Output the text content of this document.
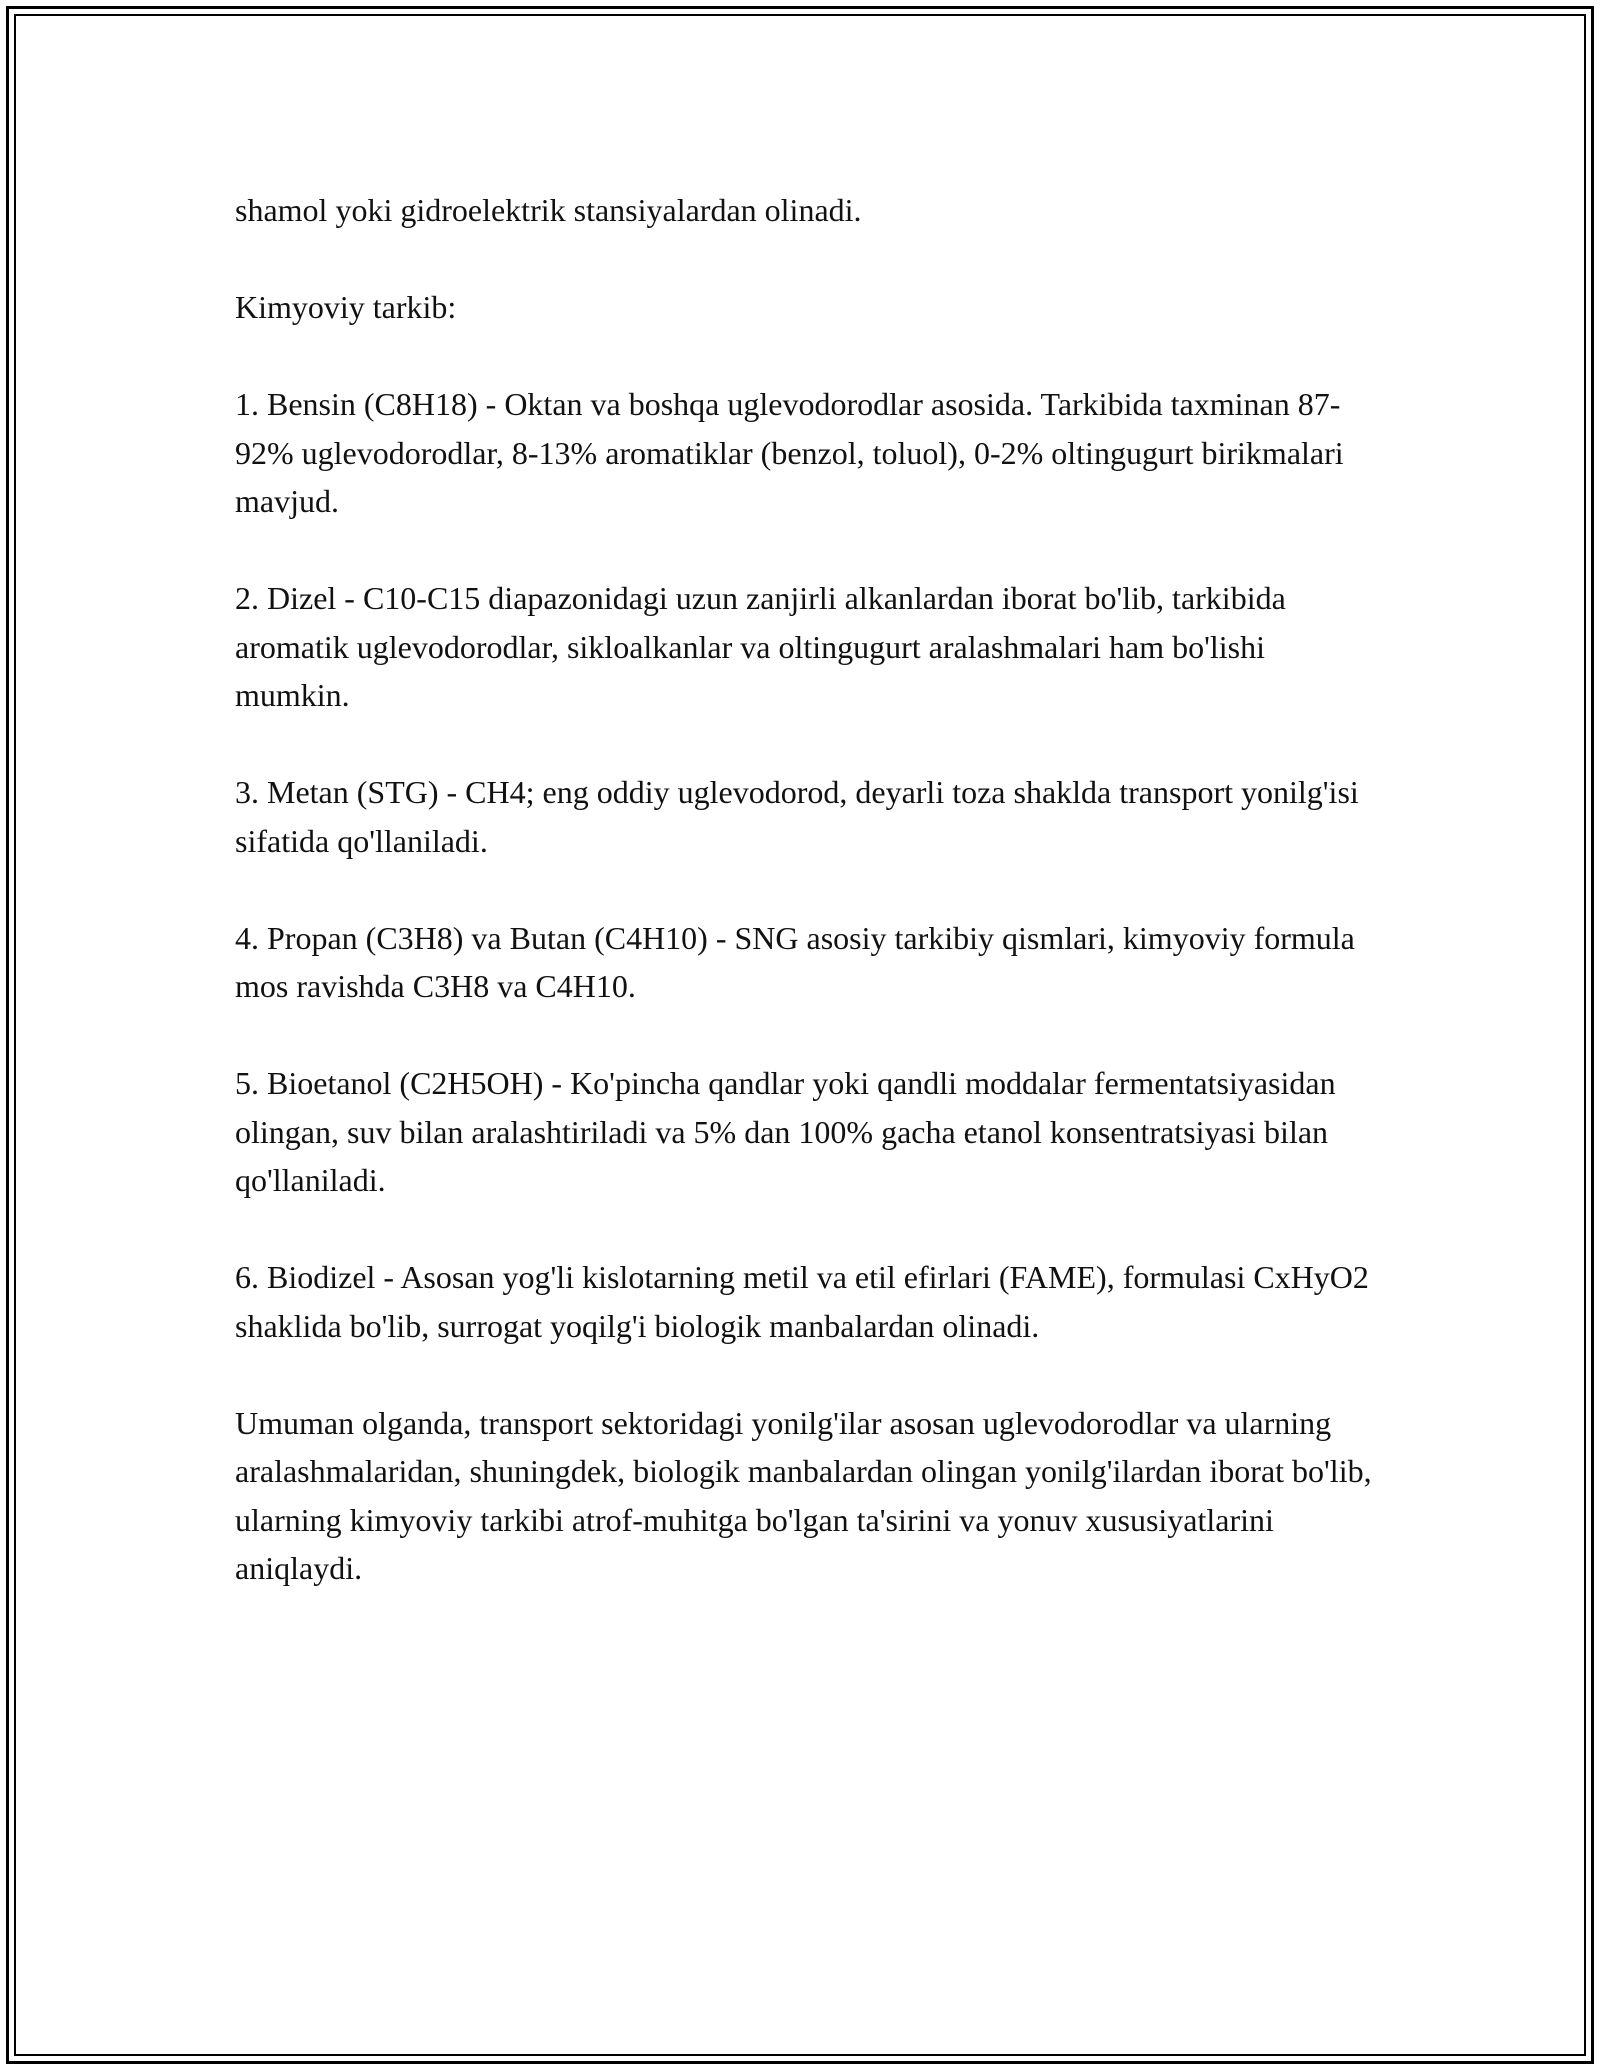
shamol yoki gidroelektrik stansiyalardan olinadi.

Kimyoviy tarkib:

1. Bensin (C8H18) - Oktan va boshqa uglevodorodlar asosida. Tarkibida taxminan 87-92% uglevodorodlar, 8-13% aromatiklar (benzol, toluol), 0-2% oltingugurt birikmalari mavjud.

2. Dizel - C10-C15 diapazonidagi uzun zanjirli alkanlardan iborat bo'lib, tarkibida aromatik uglevodorodlar, sikloalkanlar va oltingugurt aralashmalari ham bo'lishi mumkin.

3. Metan (STG) - CH4; eng oddiy uglevodorod, deyarli toza shaklda transport yonilg'isi sifatida qo'llaniladi.

4. Propan (C3H8) va Butan (C4H10) - SNG asosiy tarkibiy qismlari, kimyoviy formula mos ravishda C3H8 va C4H10.

5. Bioetanol (C2H5OH) - Ko'pincha qandlar yoki qandli moddalar fermentatsiyasidan olingan, suv bilan aralashtiriladi va 5% dan 100% gacha etanol konsentratsiyasi bilan qo'llaniladi.

6. Biodizel - Asosan yog'li kislotarning metil va etil efirlari (FAME), formulasi CxHyO2 shaklida bo'lib, surrogat yoqilg'i biologik manbalardan olinadi.

Umuman olganda, transport sektoridagi yonilg'ilar asosan uglevodorodlar va ularning aralashmalaridan, shuningdek, biologik manbalardan olingan yonilg'ilardan iborat bo'lib, ularning kimyoviy tarkibi atrof-muhitga bo'lgan ta'sirini va yonuv xususiyatlarini aniqlaydi.
